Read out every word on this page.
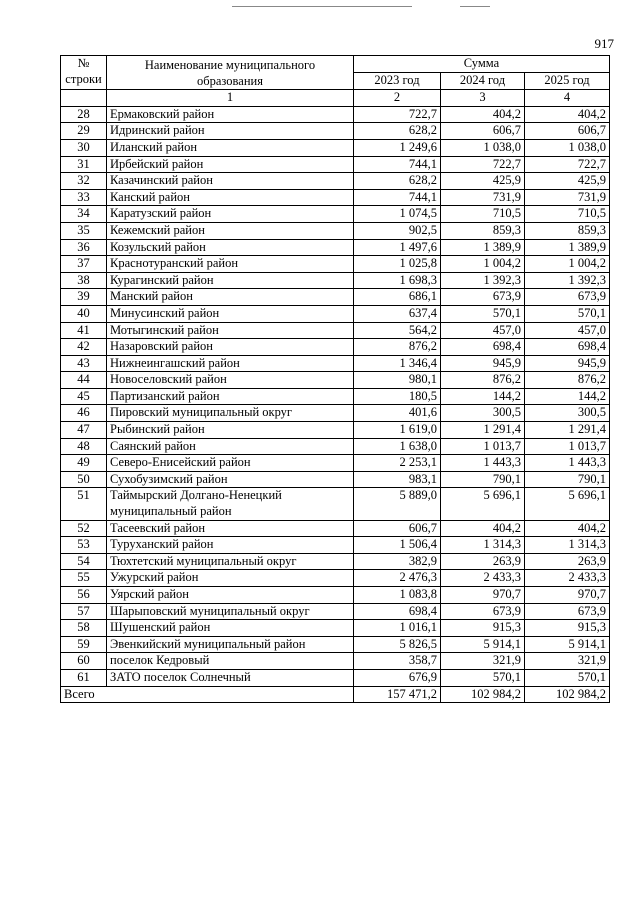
917
№
строки	Наименование муниципального образования	Сумма		
		2023 год	2024 год	2025 год
	1	2	3	4
28	Ермаковский район	722,7	404,2	404,2
29	Идринский район	628,2	606,7	606,7
30	Иланский район	1 249,6	1 038,0	1 038,0
31	Ирбейский район	744,1	722,7	722,7
32	Казачинский район	628,2	425,9	425,9
33	Канский район	744,1	731,9	731,9
34	Каратузский район	1 074,5	710,5	710,5
35	Кежемский район	902,5	859,3	859,3
36	Козульский район	1 497,6	1 389,9	1 389,9
37	Краснотуранский район	1 025,8	1 004,2	1 004,2
38	Курагинский район	1 698,3	1 392,3	1 392,3
39	Манский район	686,1	673,9	673,9
40	Минусинский район	637,4	570,1	570,1
41	Мотыгинский район	564,2	457,0	457,0
42	Назаровский район	876,2	698,4	698,4
43	Нижнеингашский район	1 346,4	945,9	945,9
44	Новоселовский район	980,1	876,2	876,2
45	Партизанский район	180,5	144,2	144,2
46	Пировский муниципальный округ	401,6	300,5	300,5
47	Рыбинский район	1 619,0	1 291,4	1 291,4
48	Саянский район	1 638,0	1 013,7	1 013,7
49	Северо-Енисейский район	2 253,1	1 443,3	1 443,3
50	Сухобузимский район	983,1	790,1	790,1
51	Таймырский Долгано-Ненецкий муниципальный район	5 889,0	5 696,1	5 696,1
52	Тасеевский район	606,7	404,2	404,2
53	Туруханский район	1 506,4	1 314,3	1 314,3
54	Тюхтетский муниципальный округ	382,9	263,9	263,9
55	Ужурский район	2 476,3	2 433,3	2 433,3
56	Уярский район	1 083,8	970,7	970,7
57	Шарыповский муниципальный округ	698,4	673,9	673,9
58	Шушенский район	1 016,1	915,3	915,3
59	Эвенкийский муниципальный район	5 826,5	5 914,1	5 914,1
60	поселок Кедровый	358,7	321,9	321,9
61	ЗАТО поселок Солнечный	676,9	570,1	570,1
Всего		157 471,2	102 984,2	102 984,2
